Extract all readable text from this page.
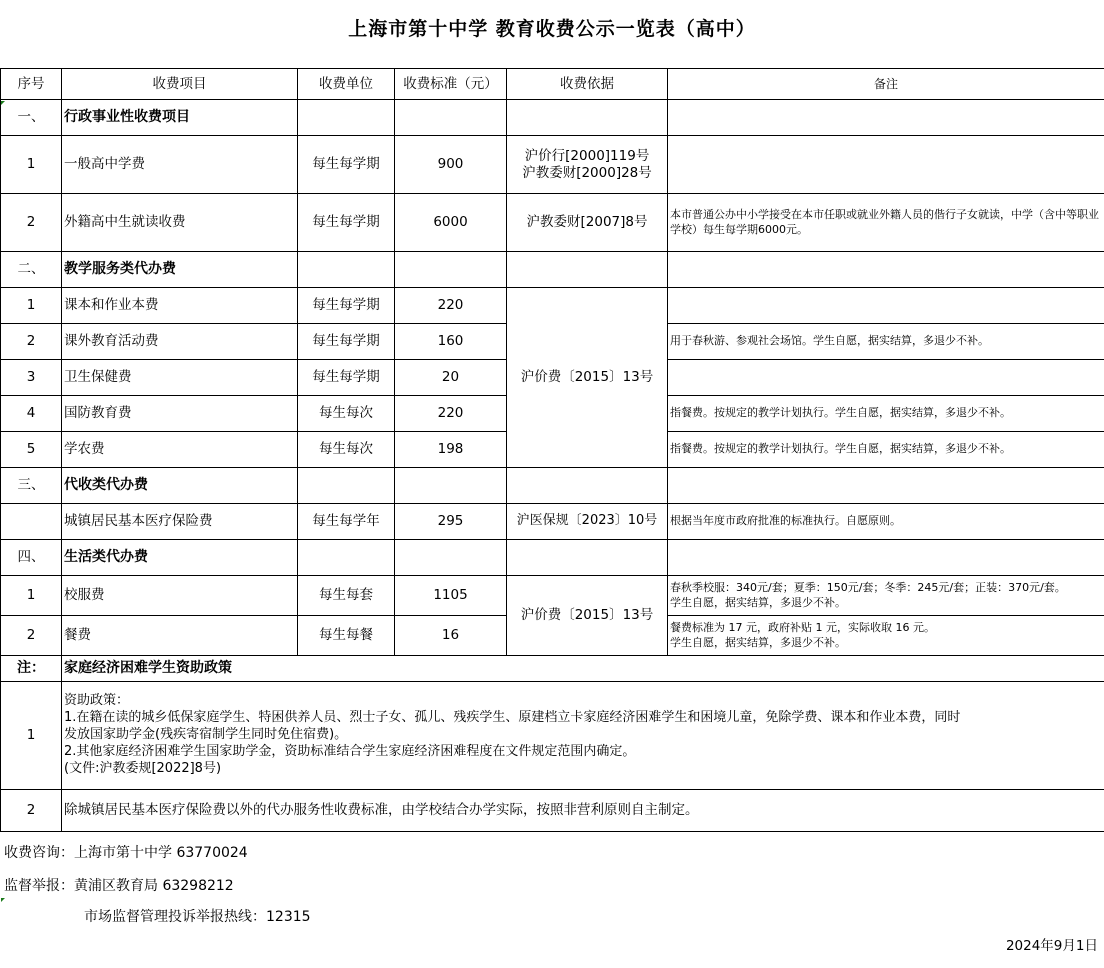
上海市第十中学 教育收费公示一览表（高中）
序号	收费项目	收费单位	收费标准（元）	收费依据	备注
一、	行政事业性收费项目				
1	一般高中学费	每生每学期	900	沪价行[2000]119号
沪教委财[2000]28号	

2	外籍高中生就读收费	每生每学期	6000	沪教委财[2007]8号	本市普通公办中小学接受在本市任职或就业外籍人员的偕行子女就读，中学（含中等职业学校）每生每学期6000元。
二、	教学服务类代办费				
1	课本和作业本费	每生每学期	220	沪价费〔2015〕13号	
2	课外教育活动费	每生每学期	160		用于春秋游、参观社会场馆。学生自愿，据实结算，多退少不补。
3	卫生保健费	每生每学期	20		
4	国防教育费	每生每次	220		指餐费。按规定的教学计划执行。学生自愿，据实结算，多退少不补。
5	学农费	每生每次	198		指餐费。按规定的教学计划执行。学生自愿，据实结算，多退少不补。
三、	代收类代办费				
	城镇居民基本医疗保险费	每生每学年	295	沪医保规〔2023〕10号	根据当年度市政府批准的标准执行。自愿原则。
四、	生活类代办费				
1	校服费	每生每套	1105	沪价费〔2015〕13号	春秋季校服：340元/套；夏季：150元/套；冬季：245元/套；正装：370元/套。
学生自愿，据实结算，多退少不补。

2	餐费	每生每餐	16		餐费标准为 17 元，政府补贴 1 元，实际收取 16 元。
学生自愿，据实结算，多退少不补。

注：	家庭经济困难学生资助政策				
1	资助政策：
1.在籍在读的城乡低保家庭学生、特困供养人员、烈士子女、孤儿、残疾学生、原建档立卡家庭经济困难学生和困境儿童，免除学费、课本和作业本费，同时
发放国家助学金(残疾寄宿制学生同时免住宿费)。
2.其他家庭经济困难学生国家助学金，资助标准结合学生家庭经济困难程度在文件规定范围内确定。
(文件:沪教委规[2022]8号)				

2	除城镇居民基本医疗保险费以外的代办服务性收费标准，由学校结合办学实际，按照非营利原则自主制定。				
收费咨询：上海市第十中学 63770024
监督举报：黄浦区教育局 63298212
市场监督管理投诉举报热线：12315
2024年9月1日
